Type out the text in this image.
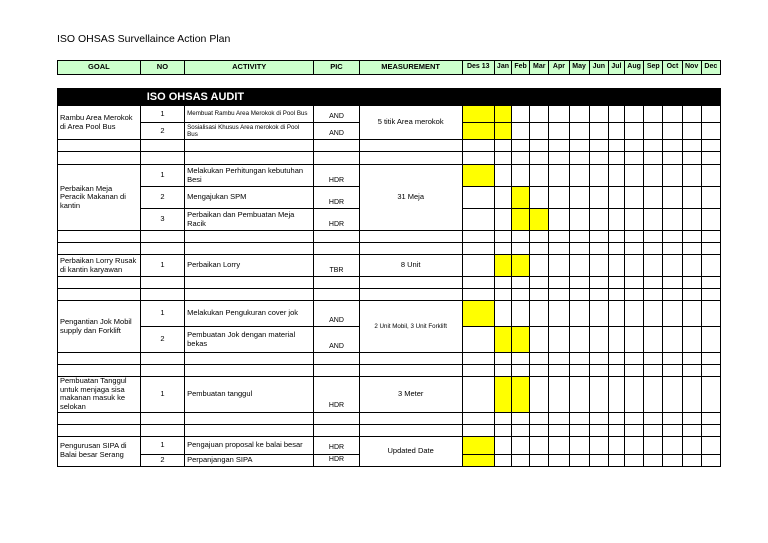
ISO OHSAS Survellaince Action Plan
GOAL	NO	ACTIVITY	PIC	MEASUREMENT	Des 13	Jan	Feb	Mar	Apr	May	Jun	Jul	Aug	Sep	Oct	Nov	Dec
	ISO OHSAS AUDIT																
Rambu Area Merokok di Area Pool Bus	1	Membuat Rambu Area Merokok di Pool Bus	AND	5 titik Area merokok													
	2	Sosialisasi Khusus Area merokok di Pool Bus	AND														

Perbaikan Meja Peracik Makanan di kantin	1	Melakukan Perhitungan kebutuhan Besi	HDR	31 Meja													
	2	Mengajukan SPM	HDR														
	3	Perbaikan dan Pembuatan Meja Racik	HDR														

Perbaikan Lorry Rusak di kantin karyawan	1	Perbaikan Lorry	TBR	8 Unit													

Pengantian Jok Mobil supply dan Forklift	1	Melakukan Pengukuran cover jok	AND	2 Unit Mobil, 3 Unit Forklift													
	2	Pembuatan Jok dengan material bekas	AND														

Pembuatan Tanggul untuk menjaga sisa makanan masuk ke selokan	1	Pembuatan tanggul	HDR	3 Meter													

Pengurusan SIPA di Balai besar Serang	1	Pengajuan proposal ke balai besar	HDR	Updated Date													
	2	Perpanjangan SIPA	HDR														
